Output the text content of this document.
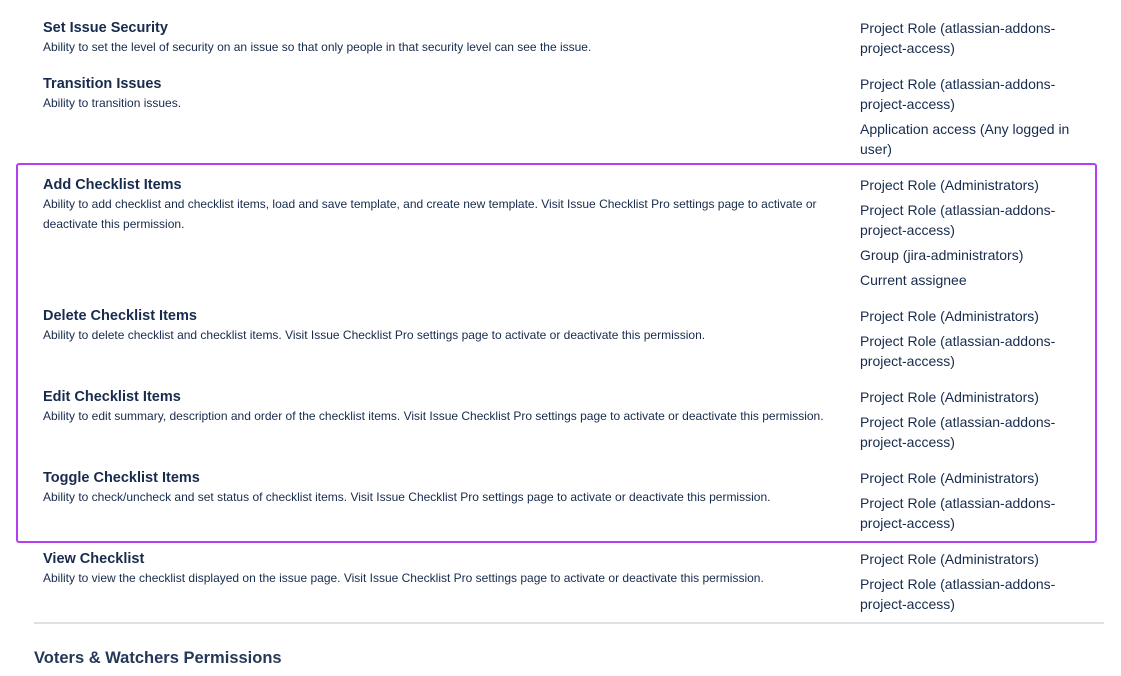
Set Issue Security
Ability to set the level of security on an issue so that only people in that security level can see the issue.
Project Role (atlassian-addons-project-access)
Transition Issues
Ability to transition issues.
Project Role (atlassian-addons-project-access)
Application access (Any logged in user)
Add Checklist Items
Ability to add checklist and checklist items, load and save template, and create new template. Visit Issue Checklist Pro settings page to activate or deactivate this permission.
Project Role (Administrators)
Project Role (atlassian-addons-project-access)
Group (jira-administrators)
Current assignee
Delete Checklist Items
Ability to delete checklist and checklist items. Visit Issue Checklist Pro settings page to activate or deactivate this permission.
Project Role (Administrators)
Project Role (atlassian-addons-project-access)
Edit Checklist Items
Ability to edit summary, description and order of the checklist items. Visit Issue Checklist Pro settings page to activate or deactivate this permission.
Project Role (Administrators)
Project Role (atlassian-addons-project-access)
Toggle Checklist Items
Ability to check/uncheck and set status of checklist items. Visit Issue Checklist Pro settings page to activate or deactivate this permission.
Project Role (Administrators)
Project Role (atlassian-addons-project-access)
View Checklist
Ability to view the checklist displayed on the issue page. Visit Issue Checklist Pro settings page to activate or deactivate this permission.
Project Role (Administrators)
Project Role (atlassian-addons-project-access)
Voters & Watchers Permissions
